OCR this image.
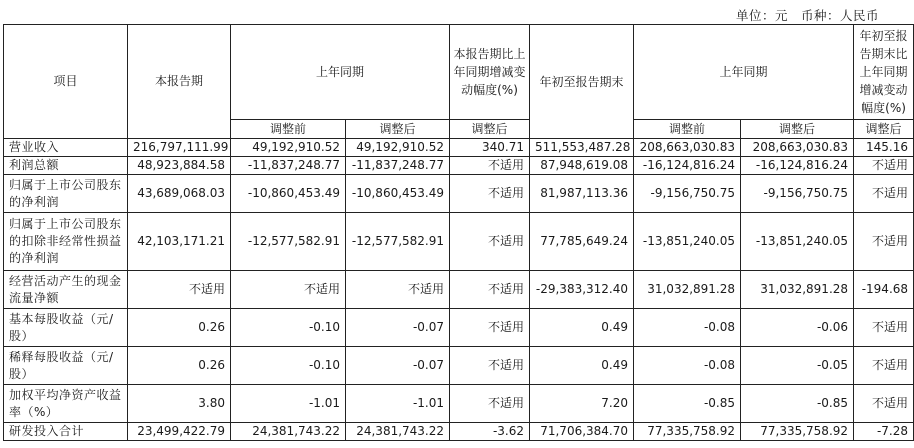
单位：元　币种：人民币
项目	本报告期	上年同期		本报告期比上年同期增减变动幅度(%)	年初至报告期末	上年同期		年初至报告期末比上年同期增减变动幅度(%)
		调整前	调整后	调整后		调整前	调整后	调整后
营业收入	216,797,111.99	49,192,910.52	49,192,910.52	340.71	511,553,487.28	208,663,030.83	208,663,030.83	145.16
利润总额	48,923,884.58	-11,837,248.77	-11,837,248.77	不适用	87,948,619.08	-16,124,816.24	-16,124,816.24	不适用
归属于上市公司股东的净利润	43,689,068.03	-10,860,453.49	-10,860,453.49	不适用	81,987,113.36	-9,156,750.75	-9,156,750.75	不适用
归属于上市公司股东的扣除非经常性损益的净利润	42,103,171.21	-12,577,582.91	-12,577,582.91	不适用	77,785,649.24	-13,851,240.05	-13,851,240.05	不适用
经营活动产生的现金流量净额	不适用	不适用	不适用	不适用	-29,383,312.40	31,032,891.28	31,032,891.28	-194.68
基本每股收益（元/股）	0.26	-0.10	-0.07	不适用	0.49	-0.08	-0.06	不适用
稀释每股收益（元/股）	0.26	-0.10	-0.07	不适用	0.49	-0.08	-0.05	不适用
加权平均净资产收益率（%）	3.80	-1.01	-1.01	不适用	7.20	-0.85	-0.85	不适用
研发投入合计	23,499,422.79	24,381,743.22	24,381,743.22	-3.62	71,706,384.70	77,335,758.92	77,335,758.92	-7.28
